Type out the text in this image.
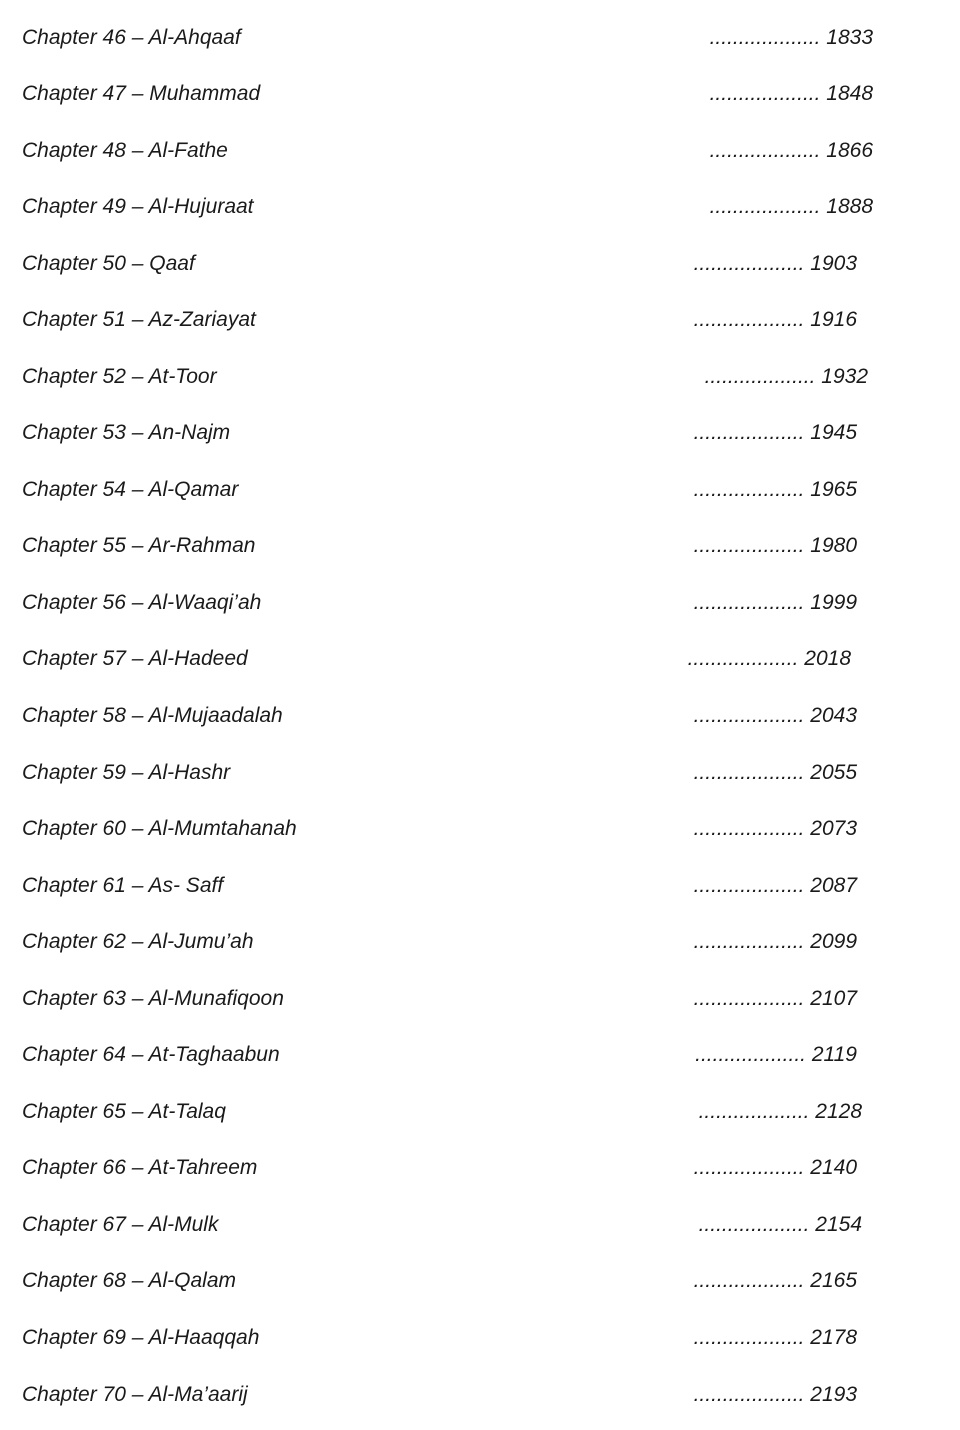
Chapter 46 – Al-Ahqaaf	................... 1833
Chapter 47 – Muhammad	................... 1848
Chapter 48 – Al-Fathe	................... 1866
Chapter 49 – Al-Hujuraat	................... 1888
Chapter 50 – Qaaf	................... 1903
Chapter 51 – Az-Zariayat	................... 1916
Chapter 52 – At-Toor	................... 1932
Chapter 53 – An-Najm	................... 1945
Chapter 54 – Al-Qamar	................... 1965
Chapter 55 – Ar-Rahman	................... 1980
Chapter 56 – Al-Waaqi’ah	................... 1999
Chapter 57 – Al-Hadeed	................... 2018
Chapter 58 – Al-Mujaadalah	................... 2043
Chapter 59 – Al-Hashr	................... 2055
Chapter 60 – Al-Mumtahanah	................... 2073
Chapter 61 – As- Saff	................... 2087
Chapter 62 – Al-Jumu’ah	................... 2099
Chapter 63 – Al-Munafiqoon	................... 2107
Chapter 64 – At-Taghaabun	................... 2119
Chapter 65 – At-Talaq	................... 2128
Chapter 66 – At-Tahreem	................... 2140
Chapter 67 – Al-Mulk	................... 2154
Chapter 68 – Al-Qalam	................... 2165
Chapter 69 – Al-Haaqqah	................... 2178
Chapter 70 – Al-Ma’aarij	................... 2193
